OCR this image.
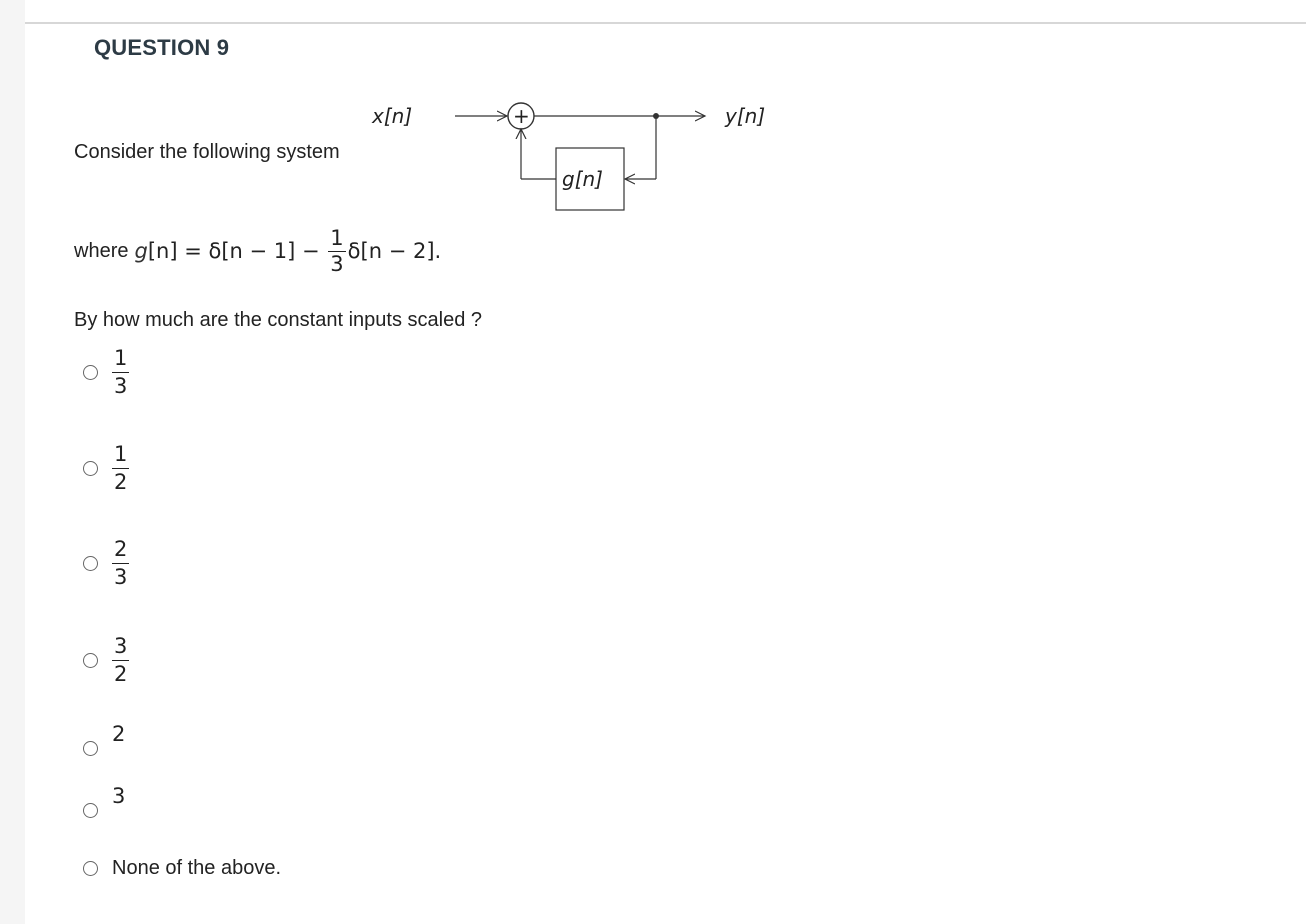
QUESTION 9
Consider the following system
x[n]	+	y[n]
g[n]
where g $[n] = \delta[n - 1] - \frac{1}{3} \delta[n - 2]$.
By how much are the constant inputs scaled ?
$\frac{1}{3}$
$\frac{1}{2}$
$\frac{2}{3}$
$\frac{3}{2}$
2
3
None of the above.
